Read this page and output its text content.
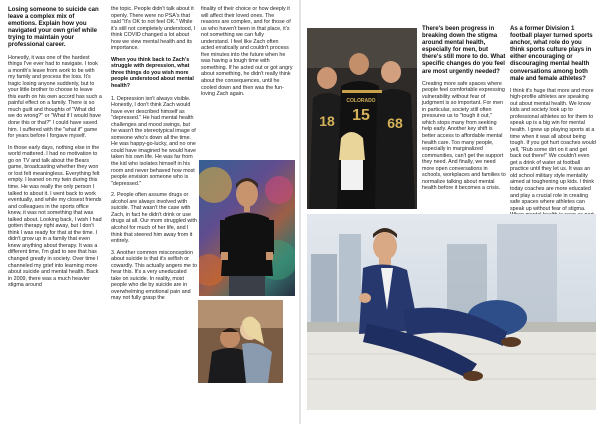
Losing someone to suicide can leave a complex mix of emotions. Explain how you navigated your own grief while trying to maintain your professional career.

Honestly, it was one of the hardest things I've ever had to navigate. I took a month's leave from work to be with my family and process the loss. It's tragic losing anyone suddenly, but to your little brother to choose to leave this earth on his own accord has such a painful effect on a family. There is so much guilt and thoughts of "What did we do wrong?" or "What if I would have done this or that?" I could have saved him. I suffered with the "what if" game for years before I forgave myself.

In those early days, nothing else in the world mattered. I had no motivation to go on TV and talk about the Bears game, broadcasting whether they won or lost felt meaningless. Everything felt empty. I leaned on my twin during this time. He was really the only person I talked to about it. I went back to work eventually, and while my closest friends and colleagues in the sports office knew, it was not something that was talked about. Looking back, I wish I had gotten therapy right away, but I don't think I was ready for that at the time. I didn't grow up in a family that even knew anything about therapy. It was a different time, I'm glad to see that has changed greatly in society. Over time I channeled my grief into learning more about suicide and mental health. Back in 2009, there was a much heavier stigma around

the topic. People didn't talk about it openly. There were no PSA's that said "It's OK to not feel OK." While it's still not completely understood, I think COVID changed a lot about how we view mental health and its importance.

When you think back to Zach's struggle with depression, what three things do you wish more people understood about mental health?

1. Depression isn't always visible. Honestly, I don't think Zach would have ever described himself as "depressed." He had mental health challenges and mood swings, but he wasn't the stereotypical image of someone who's down all the time. He was happy-go-lucky, and no one could have imagined he would have taken his own life. He was far from the kid who isolates himself in his room and never behaved how most people envision someone who is "depressed."

2. People often assume drugs or alcohol are always involved with suicide. That wasn't the case with Zach, in fact he didn't drink or use drugs at all. Our mom struggled with alcohol for much of her life, and I think that steered him away from it entirely.

3. Another common misconception about suicide is that it's selfish or cowardly. This actually angers me to hear this. It's a very uneducated take on suicide. In reality, most people who die by suicide are in overwhelming emotional pain and may not fully grasp the

finality of their choice or how deeply it will affect their loved ones. The reasons are complex, and for those of us who haven't been in that place, it's not something we can fully understand. I feel like Zach often acted erratically and couldn't process five minutes into the future when he was having a tough time with something. If he acted out or got angry about something, he didn't really think about the consequences, until he cooled down and then was the fun-loving Zach again.

There's been progress in breaking down the stigma around mental health, especially for men, but there's still more to do. What specific changes do you feel are most urgently needed?

Creating more safe spaces where people feel comfortable expressing vulnerability without fear of judgment is so important. For men in particular, society still often pressures us to "tough it out," which stops many from seeking help early. Another key shift is better access to affordable mental health care. Too many people, especially in marginalized communities, can't get the support they need. And finally, we need more open conversations in schools, workplaces and families to normalize talking about mental health before it becomes a crisis.

As a former Division 1 football player turned sports anchor, what role do you think sports culture plays in either encouraging or discouraging mental health conversations among both male and female athletes?

I think it's huge that more and more high-profile athletes are speaking out about mental health. We know kids and society look up to professional athletes so for them to speak up is a big win for mental health. I grew up playing sports at a time when it was all about being tough. If you got hurt coaches would yell, "Rub some dirt on it and get back out there!" We couldn't even get a drink of water at football practice until they let us. It was an old school military style mentality aimed at toughening up kids. I think today coaches are more educated and play a crucial role in creating safe spaces where athletes can speak up without fear of stigma.

COLORADO
18 15 68
